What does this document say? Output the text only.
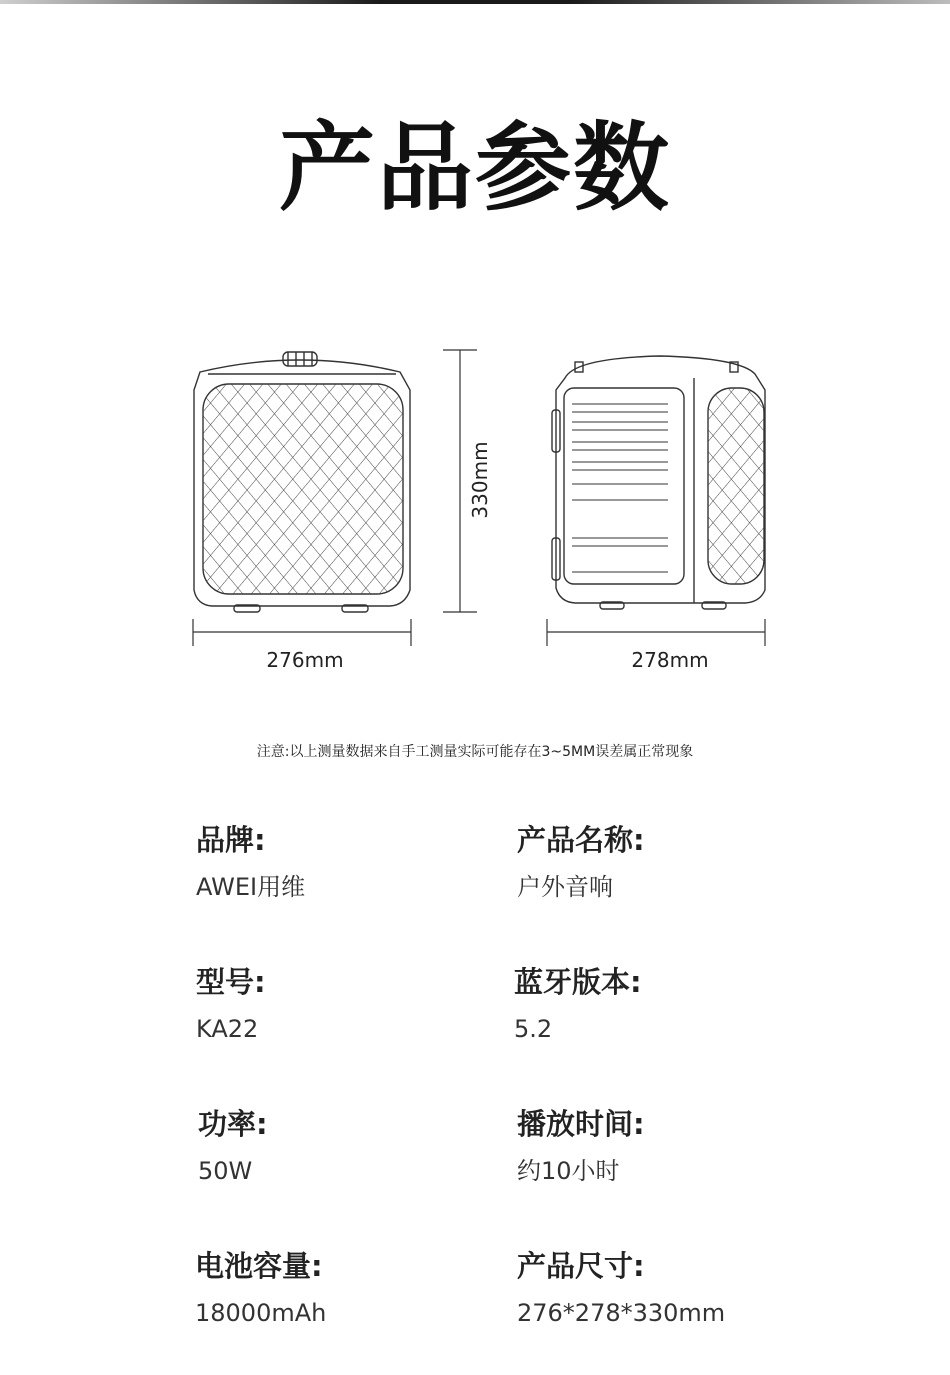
产品参数
276mm	278mm
330mm
注意:以上测量数据来自手工测量实际可能存在3~5MM误差属正常现象
品牌:
AWEI用维
产品名称:
户外音响
型号:
KA22
蓝牙版本:
5.2
功率:
50W
播放时间:
约10小时
电池容量:
18000mAh
产品尺寸:
276*278*330mm
